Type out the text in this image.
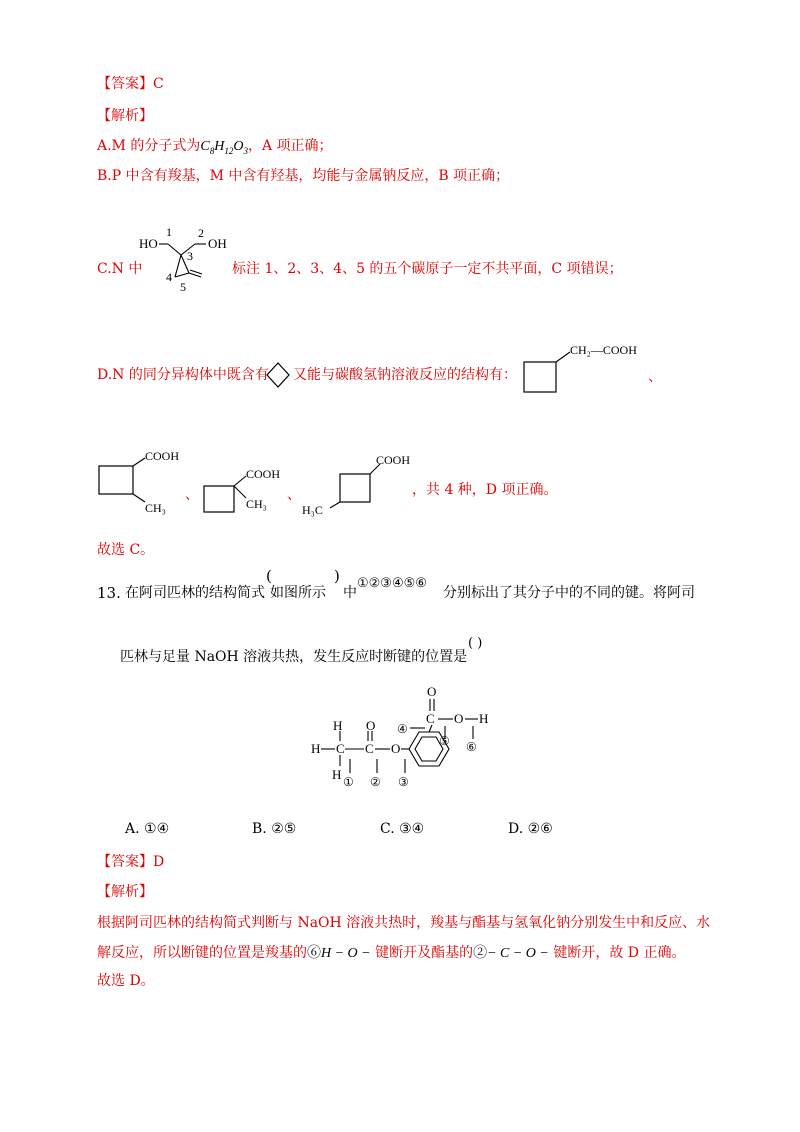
【答案】C
【解析】
A.M 的分子式为$C_8H_{12}O_3$，A 项正确；
B.P 中含有羧基，M 中含有羟基，均能与金属钠反应，B 项正确；
C.N 中
HO
1 2
OH
3
4
5
标注 1、2、3、4、5 的五个碳原子一定不共平面，C 项错误；
D.N 的同分异构体中既含有 又能与碳酸氢钠溶液反应的结构有：
CH₂—COOH
、
COOH
CH₃
、
COOH
CH₃
、
COOH
H₃C
，共 4 种，D 项正确。
故选 C。
13. 在阿司匹林的结构简式
(
如图所示
)
中
①②③④⑤⑥
分别标出了其分子中的不同的键。将阿司
匹林与足量 NaOH 溶液共热，发生反应时断键的位置是
( )
H
H C
H
O
C O
O
C O H
① ② ③
④
⑤ ⑥
A. ①④	B. ②⑤	C. ③④	D. ②⑥
【答案】D
【解析】
根据阿司匹林的结构简式判断与 NaOH 溶液共热时，羧基与酯基与氢氧化钠分别发生中和反应、水
解反应，所以断键的位置是羧基的⑥H − O − 键断开及酯基的②− C − O − 键断开，故 D 正确。
故选 D。
